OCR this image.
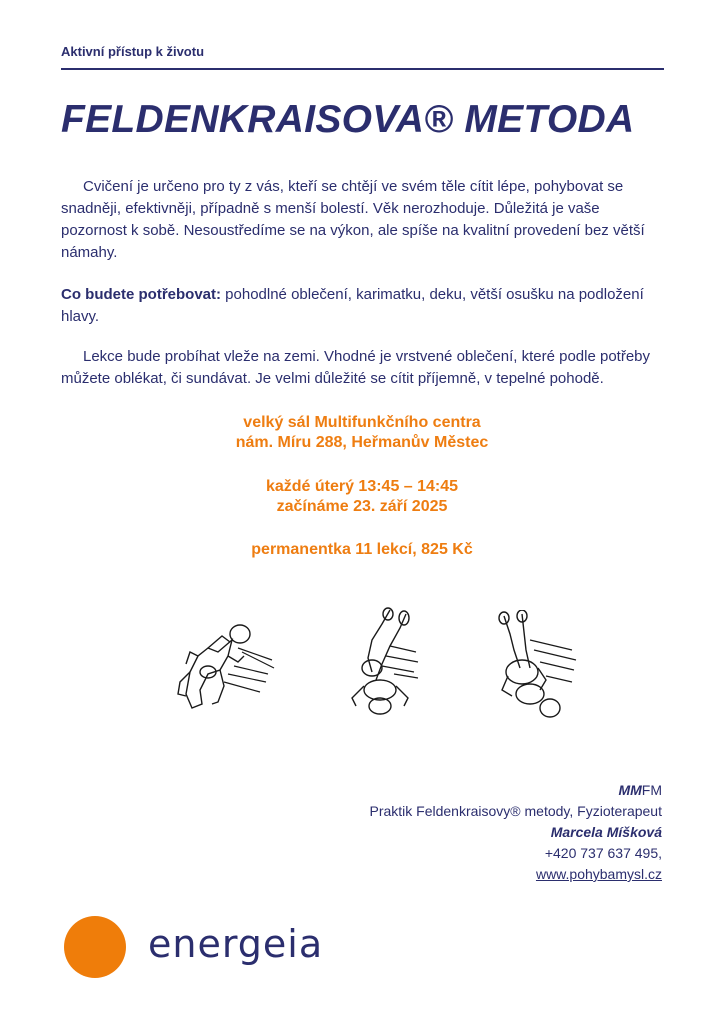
Aktivní přístup k životu
FELDENKRAISOVA® METODA
Cvičení je určeno pro ty z vás, kteří se chtějí ve svém těle cítit lépe, pohybovat se snadněji, efektivněji, případně s menší bolestí. Věk nerozhoduje. Důležitá je vaše pozornost k sobě. Nesoustředíme se na výkon, ale spíše na kvalitní provedení bez větší námahy.
Co budete potřebovat: pohodlné oblečení, karimatku, deku, větší osušku na podložení hlavy.
Lekce bude probíhat vleže na zemi. Vhodné je vrstvené oblečení, které podle potřeby můžete oblékat, či sundávat. Je velmi důležité se cítit příjemně, v tepelné pohodě.
velký sál Multifunkčního centra
nám. Míru 288, Heřmanův Městec
každé úterý 13:45 – 14:45
začínáme 23. září 2025
permanentka 11 lekcí, 825 Kč
MMFM
Praktik Feldenkraisovy® metody, Fyzioterapeut
Marcela Míšková
+420 737 637 495,
www.pohybamysl.cz
energeia
